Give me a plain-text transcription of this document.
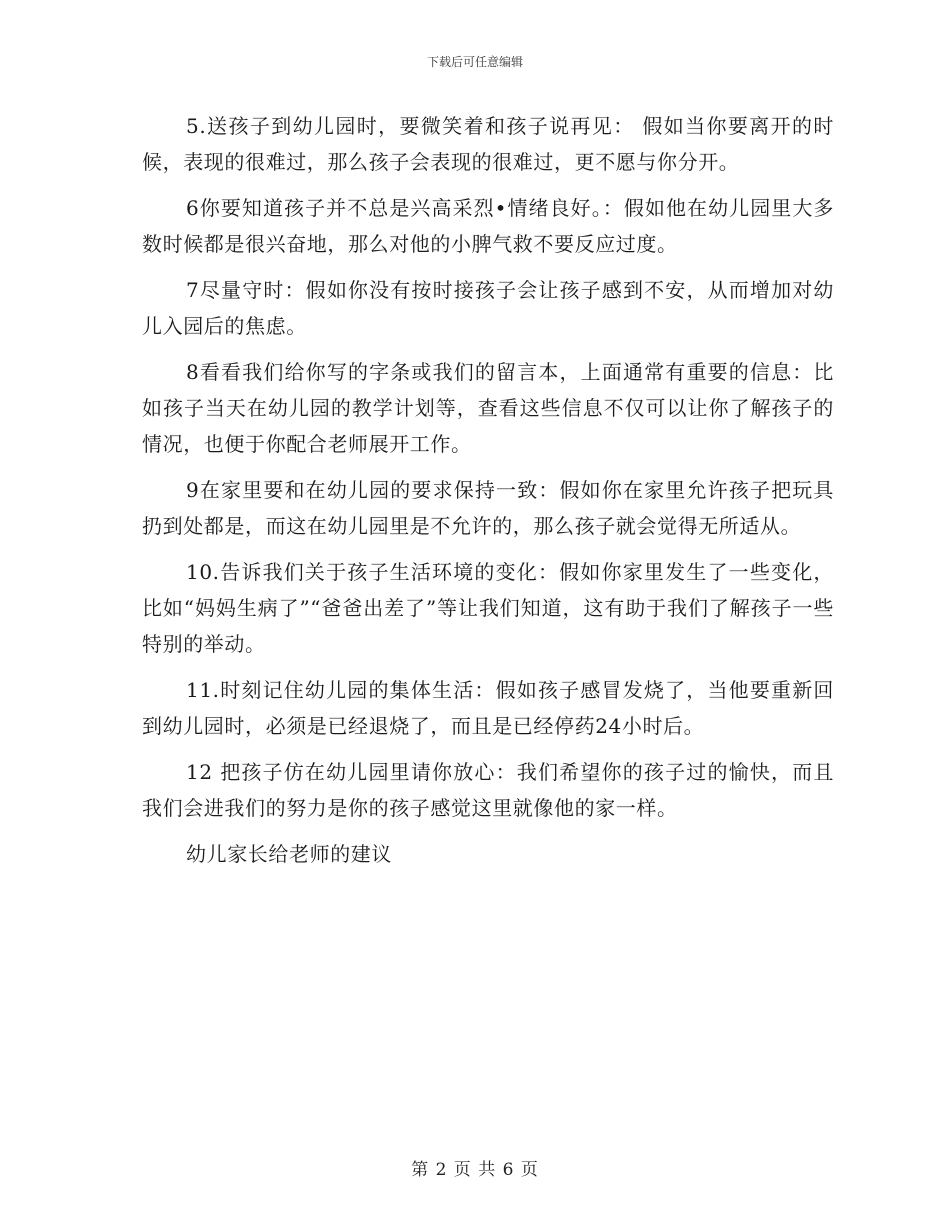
下载后可任意编辑

5.送孩子到幼儿园时，要微笑着和孩子说再见： 假如当你要离开的时候，表现的很难过，那么孩子会表现的很难过，更不愿与你分开。

6你要知道孩子并不总是兴高采烈•情绪良好。：假如他在幼儿园里大多数时候都是很兴奋地，那么对他的小脾气救不要反应过度。

7尽量守时：假如你没有按时接孩子会让孩子感到不安，从而增加对幼儿入园后的焦虑。

8看看我们给你写的字条或我们的留言本，上面通常有重要的信息：比如孩子当天在幼儿园的教学计划等，查看这些信息不仅可以让你了解孩子的情况，也便于你配合老师展开工作。

9在家里要和在幼儿园的要求保持一致：假如你在家里允许孩子把玩具扔到处都是，而这在幼儿园里是不允许的，那么孩子就会觉得无所适从。

10.告诉我们关于孩子生活环境的变化：假如你家里发生了一些变化，比如“妈妈生病了”“爸爸出差了”等让我们知道，这有助于我们了解孩子一些特别的举动。

11.时刻记住幼儿园的集体生活：假如孩子感冒发烧了，当他要重新回到幼儿园时，必须是已经退烧了，而且是已经停药24小时后。

12 把孩子仿在幼儿园里请你放心：我们希望你的孩子过的愉快，而且我们会进我们的努力是你的孩子感觉这里就像他的家一样。

幼儿家长给老师的建议

第 2 页 共 6 页
